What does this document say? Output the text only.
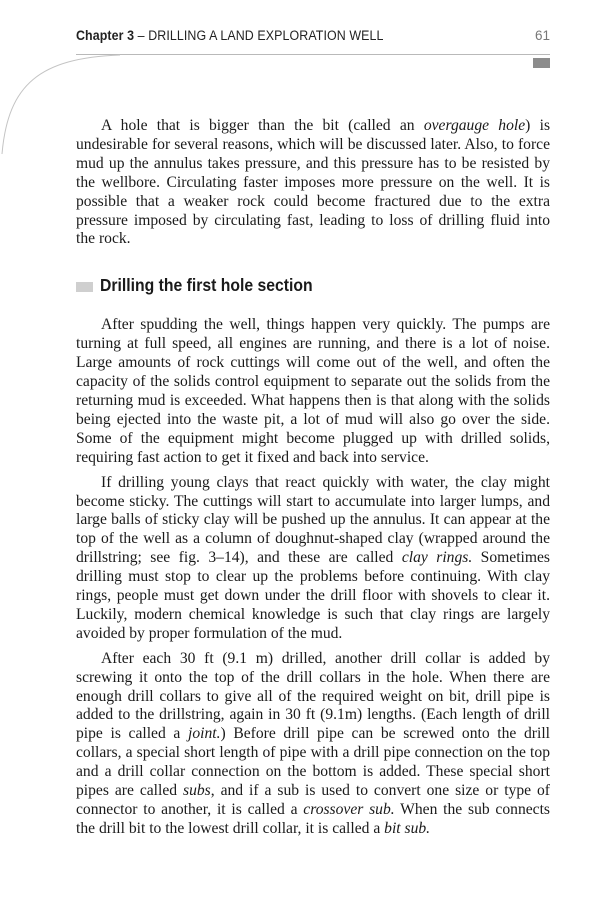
Chapter 3 – DRILLING A LAND EXPLORATION WELL	61

A hole that is bigger than the bit (called an overgauge hole) is undesirable for several reasons, which will be discussed later. Also, to force mud up the annulus takes pressure, and this pressure has to be resisted by the wellbore. Circulating faster imposes more pressure on the well. It is possible that a weaker rock could become fractured due to the extra pressure imposed by circulating fast, leading to loss of drilling fluid into the rock.

Drilling the first hole section

After spudding the well, things happen very quickly. The pumps are turning at full speed, all engines are running, and there is a lot of noise. Large amounts of rock cuttings will come out of the well, and often the capacity of the solids control equipment to separate out the solids from the returning mud is exceeded. What happens then is that along with the solids being ejected into the waste pit, a lot of mud will also go over the side. Some of the equipment might become plugged up with drilled solids, requiring fast action to get it fixed and back into service.

If drilling young clays that react quickly with water, the clay might become sticky. The cuttings will start to accumulate into larger lumps, and large balls of sticky clay will be pushed up the annulus. It can appear at the top of the well as a column of doughnut-shaped clay (wrapped around the drillstring; see fig. 3–14), and these are called clay rings. Sometimes drilling must stop to clear up the problems before continuing. With clay rings, people must get down under the drill floor with shovels to clear it. Luckily, modern chemical knowledge is such that clay rings are largely avoided by proper formulation of the mud.

After each 30 ft (9.1 m) drilled, another drill collar is added by screwing it onto the top of the drill collars in the hole. When there are enough drill collars to give all of the required weight on bit, drill pipe is added to the drillstring, again in 30 ft (9.1m) lengths. (Each length of drill pipe is called a joint.) Before drill pipe can be screwed onto the drill collars, a special short length of pipe with a drill pipe connection on the top and a drill collar connection on the bottom is added. These special short pipes are called subs, and if a sub is used to convert one size or type of connector to another, it is called a crossover sub. When the sub connects the drill bit to the lowest drill collar, it is called a bit sub.
